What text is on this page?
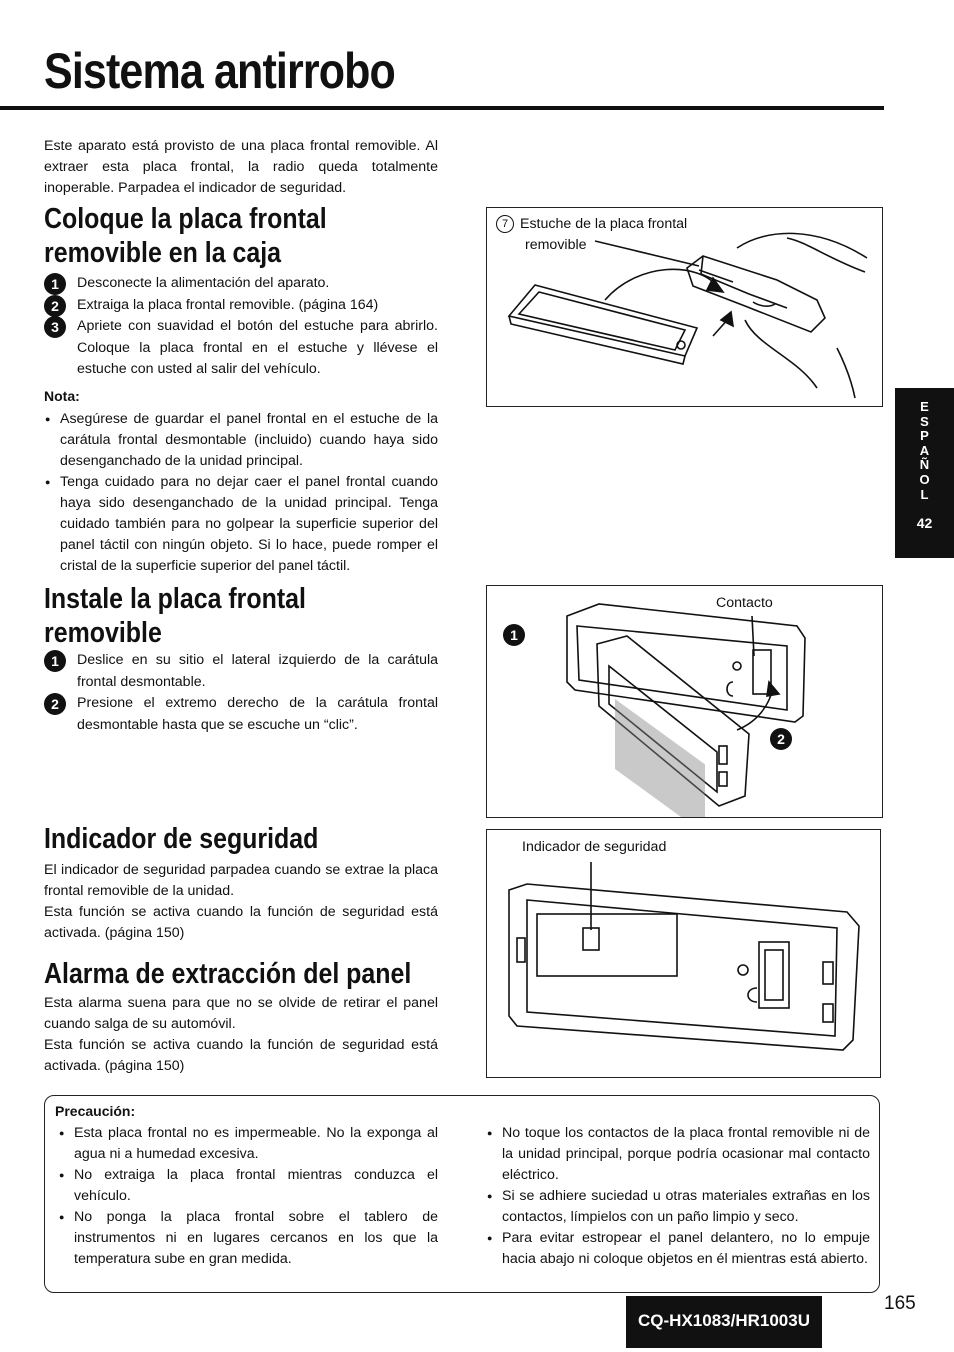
Sistema antirrobo

Este aparato está provisto de una placa frontal removible. Al extraer esta placa frontal, la radio queda totalmente inoperable. Parpadea el indicador de seguridad.

Coloque la placa frontal
removible en la caja
1	Desconecte la alimentación del aparato.
2	Extraiga la placa frontal removible. (página 164)
3	Apriete con suavidad el botón del estuche para abrirlo. Coloque la placa frontal en el estuche y llévese el estuche con usted al salir del vehículo.
Nota:
● Asegúrese de guardar el panel frontal en el estuche de la carátula frontal desmontable (incluido) cuando haya sido desenganchado de la unidad principal.
● Tenga cuidado para no dejar caer el panel frontal cuando haya sido desenganchado de la unidad principal. Tenga cuidado también para no golpear la superficie superior del panel táctil con ningún objeto. Si lo hace, puede romper el cristal de la superficie superior del panel táctil.
Instale la placa frontal
removible
1	Deslice en su sitio el lateral izquierdo de la carátula frontal desmontable.
2	Presione el extremo derecho de la carátula frontal desmontable hasta que se escuche un “clic”.
Indicador de seguridad

El indicador de seguridad parpadea cuando se extrae la placa frontal removible de la unidad.

Esta función se activa cuando la función de seguridad está activada. (página 150)

Alarma de extracción del panel

Esta alarma suena para que no se olvide de retirar el panel cuando salga de su automóvil.

Esta función se activa cuando la función de seguridad está activada. (página 150)

7 Estuche de la placa frontal
removible
Contacto
1
2
Indicador de seguridad
E
S
P
A
Ñ
O
L
42
Precaución:
● Esta placa frontal no es impermeable. No la exponga al agua ni a humedad excesiva.
● No extraiga la placa frontal mientras conduzca el vehículo.
● No ponga la placa frontal sobre el tablero de instrumentos ni en lugares cercanos en los que la temperatura sube en gran medida.
● No toque los contactos de la placa frontal removible ni de la unidad principal, porque podría ocasionar mal contacto eléctrico.
● Si se adhiere suciedad u otras materiales extrañas en los contactos, límpielos con un paño limpio y seco.
● Para evitar estropear el panel delantero, no lo empuje hacia abajo ni coloque objetos en él mientras está abierto.
CQ-HX1083/HR1003U
165
